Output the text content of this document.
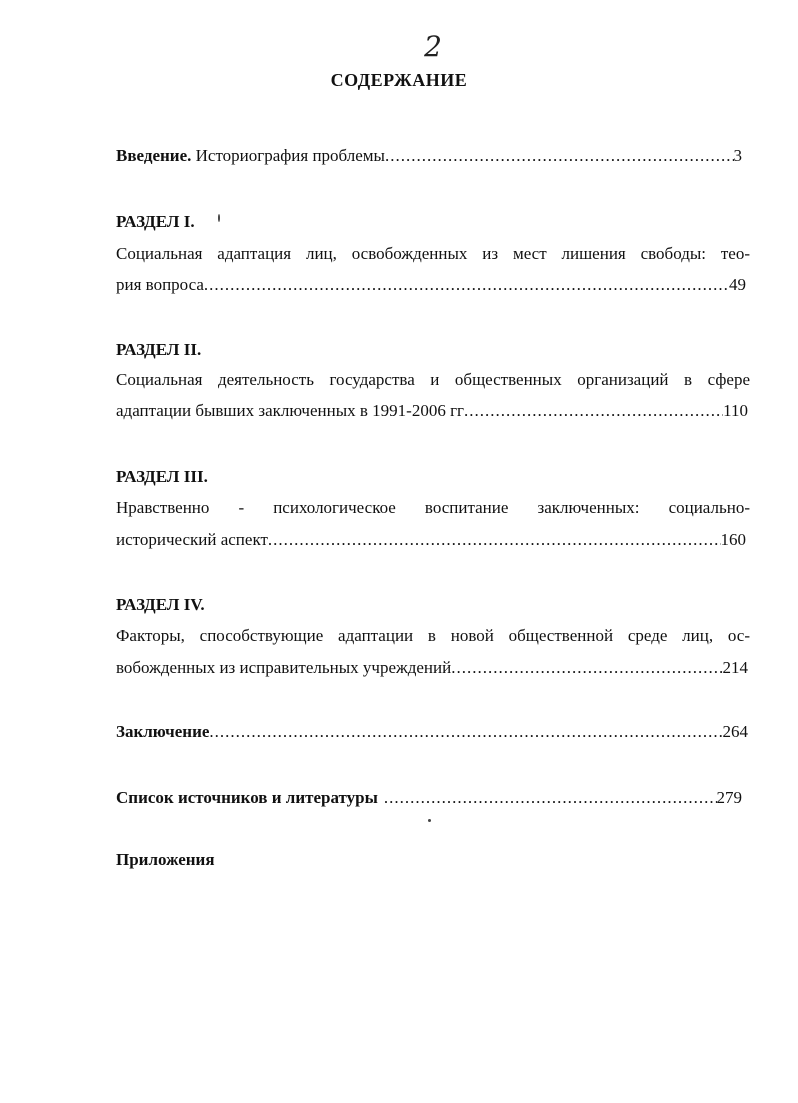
2
СОДЕРЖАНИЕ
Введение. Историография проблемы .....	3
РАЗДЕЛ I.
Социальная адаптация лиц, освобожденных из мест лишения свободы: тео-
рия вопроса .....	49
РАЗДЕЛ II.
Социальная деятельность государства и общественных организаций в сфере
адаптации бывших заключенных в 1991-2006 гг .....	110
РАЗДЕЛ III.
Нравственно - психологическое воспитание заключенных: социально-
исторический аспект .....	160
РАЗДЕЛ IV.
Факторы, способствующие адаптации в новой общественной среде лиц, ос-
вобожденных из исправительных учреждений .....	214
Заключение .....	264
Список источников и литературы .....	279
Приложения
